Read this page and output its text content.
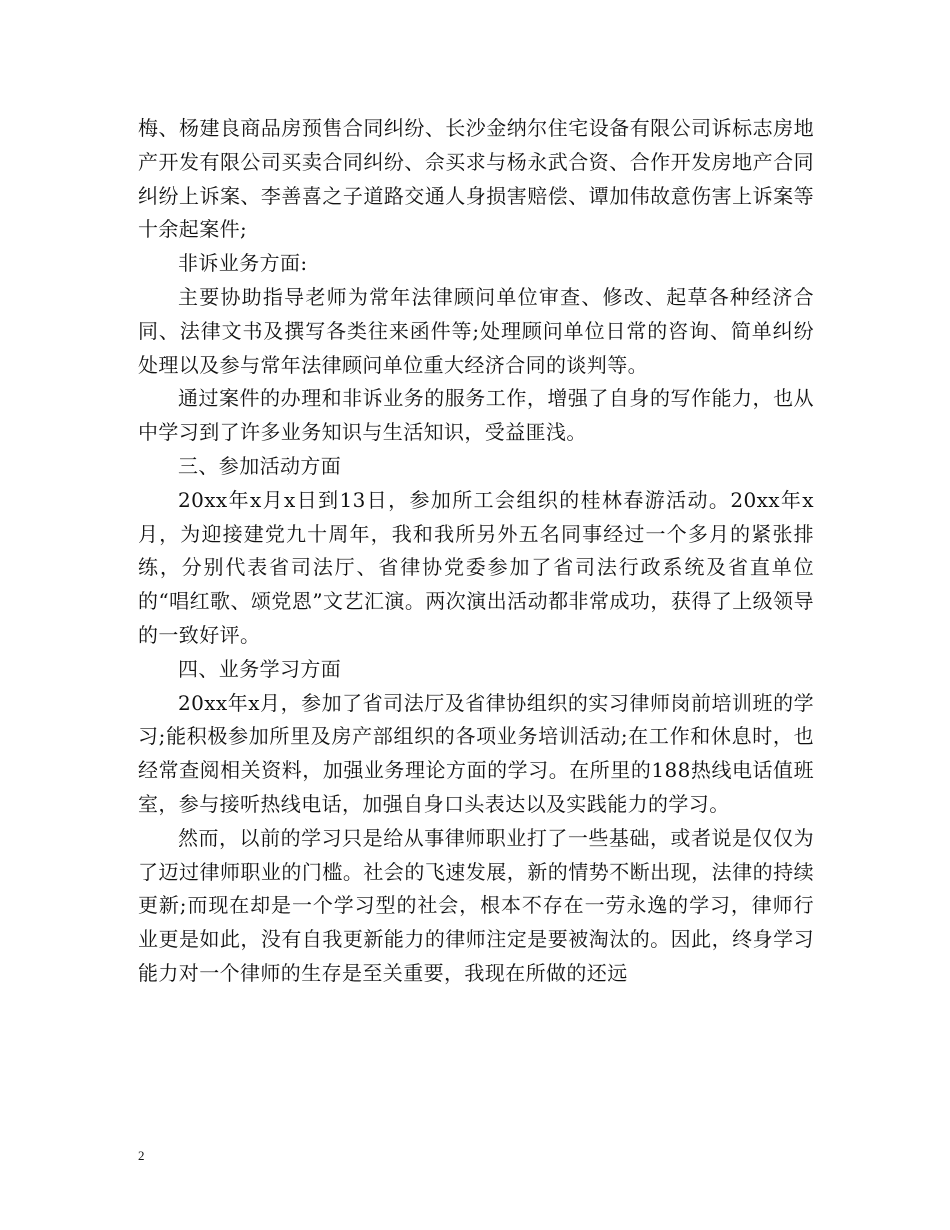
梅、杨建良商品房预售合同纠纷、长沙金纳尔住宅设备有限公司诉标志房地产开发有限公司买卖合同纠纷、佘买求与杨永武合资、合作开发房地产合同纠纷上诉案、李善喜之子道路交通人身损害赔偿、谭加伟故意伤害上诉案等十余起案件;

非诉业务方面:

主要协助指导老师为常年法律顾问单位审查、修改、起草各种经济合同、法律文书及撰写各类往来函件等;处理顾问单位日常的咨询、简单纠纷处理以及参与常年法律顾问单位重大经济合同的谈判等。

通过案件的办理和非诉业务的服务工作，增强了自身的写作能力，也从中学习到了许多业务知识与生活知识，受益匪浅。

三、参加活动方面

20xx年x月x日到13日，参加所工会组织的桂林春游活动。20xx年x月，为迎接建党九十周年，我和我所另外五名同事经过一个多月的紧张排练，分别代表省司法厅、省律协党委参加了省司法行政系统及省直单位的“唱红歌、颂党恩”文艺汇演。两次演出活动都非常成功，获得了上级领导的一致好评。

四、业务学习方面

20xx年x月，参加了省司法厅及省律协组织的实习律师岗前培训班的学习;能积极参加所里及房产部组织的各项业务培训活动;在工作和休息时，也经常查阅相关资料，加强业务理论方面的学习。在所里的188热线电话值班室，参与接听热线电话，加强自身口头表达以及实践能力的学习。

然而，以前的学习只是给从事律师职业打了一些基础，或者说是仅仅为了迈过律师职业的门槛。社会的飞速发展，新的情势不断出现，法律的持续更新;而现在却是一个学习型的社会，根本不存在一劳永逸的学习，律师行业更是如此，没有自我更新能力的律师注定是要被淘汰的。因此，终身学习能力对一个律师的生存是至关重要，我现在所做的还远

2
